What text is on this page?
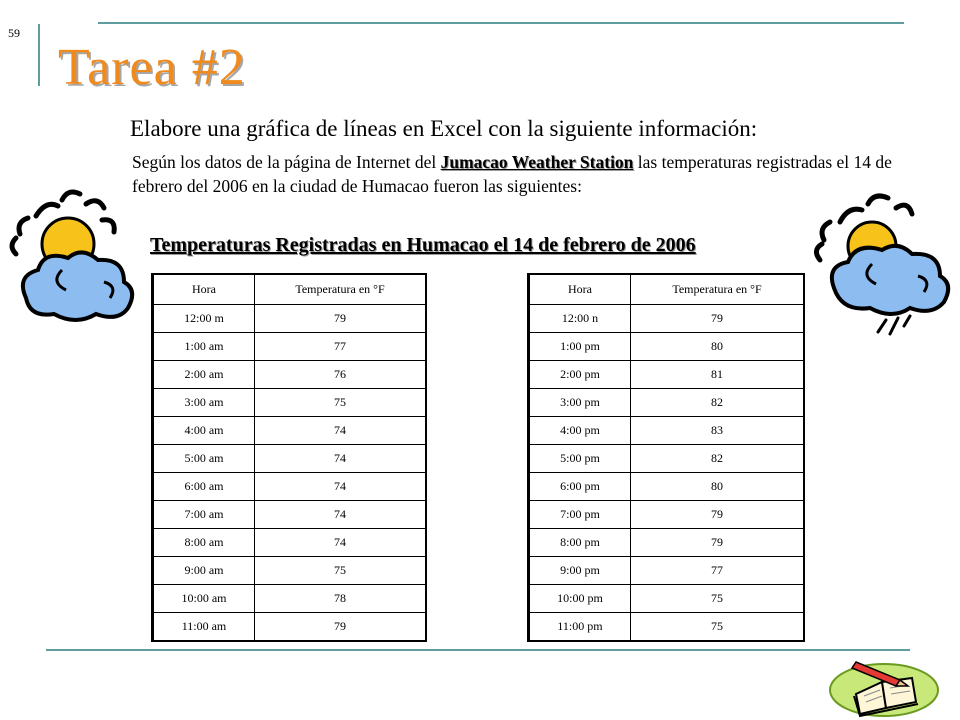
59
Tarea #2
Elabore una gráfica de líneas en Excel con la siguiente información:
Según los datos de la página de Internet del Jumacao Weather Station las temperaturas registradas el 14 de febrero del 2006 en la ciudad de Humacao fueron las siguientes:
Temperaturas Registradas en Humacao el 14 de febrero de 2006
Hora	Temperatura en °F
12:00 m	79
1:00 am	77
2:00 am	76
3:00 am	75
4:00 am	74
5:00 am	74
6:00 am	74
7:00 am	74
8:00 am	74
9:00 am	75
10:00 am	78
11:00 am	79
Hora	Temperatura en °F
12:00 n	79
1:00 pm	80
2:00 pm	81
3:00 pm	82
4:00 pm	83
5:00 pm	82
6:00 pm	80
7:00 pm	79
8:00 pm	79
9:00 pm	77
10:00 pm	75
11:00 pm	75
